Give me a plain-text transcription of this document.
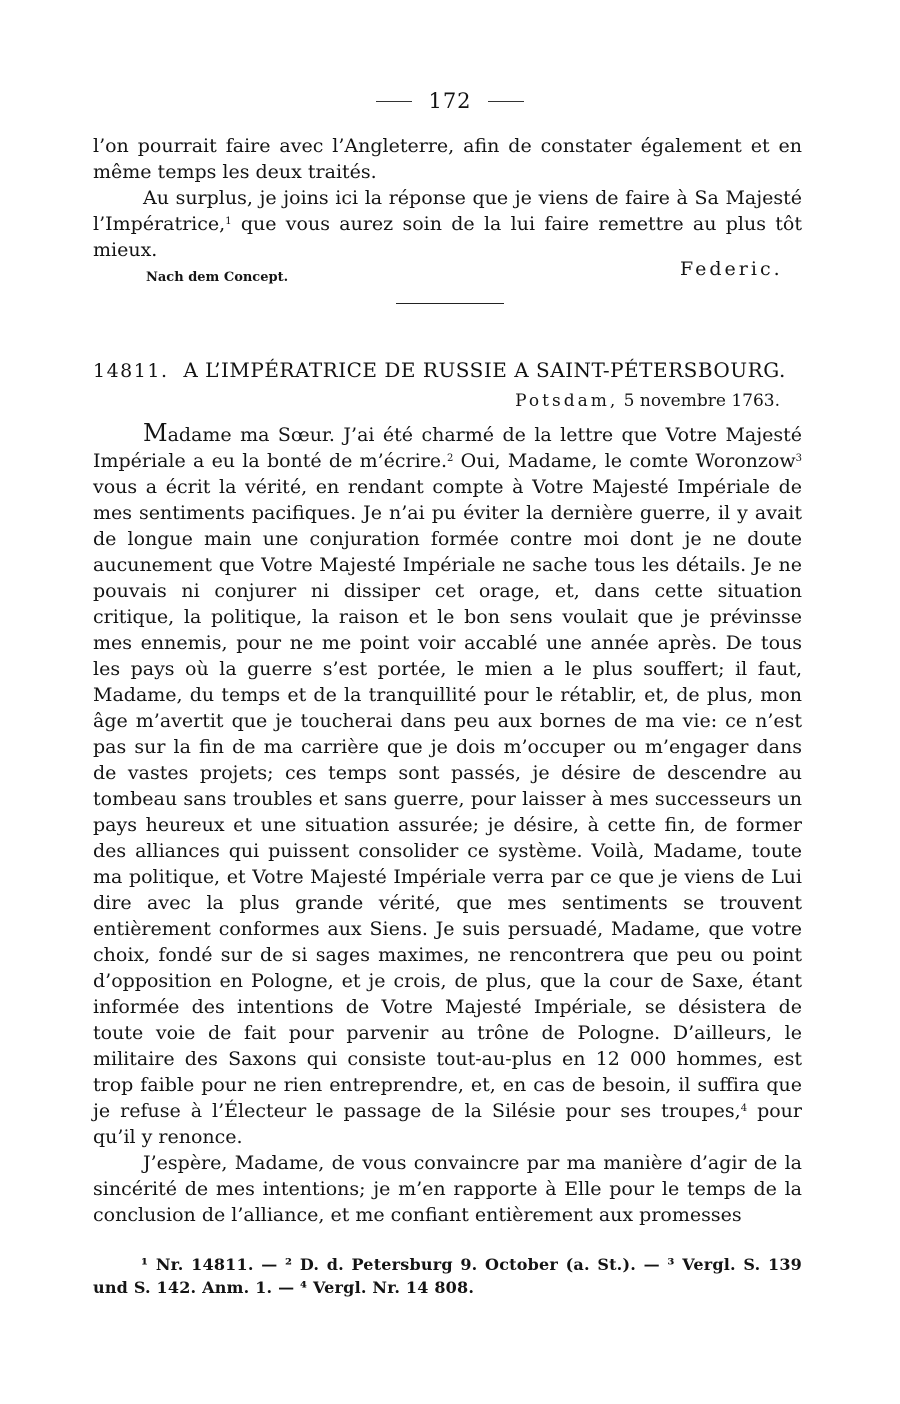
172

l’on pourrait faire avec l’Angleterre, afin de constater également et en même temps les deux traités.

Au surplus, je joins ici la réponse que je viens de faire à Sa Majesté l’Impératrice,$^1$ que vous aurez soin de la lui faire remettre au plus tôt mieux.

Nach dem Concept.	Federic.
14811. A L’IMPÉRATRICE DE RUSSIE A SAINT-PÉTERSBOURG.
Potsdam, 5 novembre 1763.

Madame ma Sœur. J’ai été charmé de la lettre que Votre Majesté Impériale a eu la bonté de m’écrire.$^2$ Oui, Madame, le comte Woronzow$^3$ vous a écrit la vérité, en rendant compte à Votre Majesté Impériale de mes sentiments pacifiques. Je n’ai pu éviter la dernière guerre, il y avait de longue main une conjuration formée contre moi dont je ne doute aucunement que Votre Majesté Impériale ne sache tous les détails. Je ne pouvais ni conjurer ni dissiper cet orage, et, dans cette situation critique, la politique, la raison et le bon sens voulait que je prévinsse mes ennemis, pour ne me point voir accablé une année après. De tous les pays où la guerre s’est portée, le mien a le plus souffert; il faut, Madame, du temps et de la tranquillité pour le rétablir, et, de plus, mon âge m’avertit que je toucherai dans peu aux bornes de ma vie: ce n’est pas sur la fin de ma carrière que je dois m’occuper ou m’engager dans de vastes projets; ces temps sont passés, je désire de descendre au tombeau sans troubles et sans guerre, pour laisser à mes successeurs un pays heureux et une situation assurée; je désire, à cette fin, de former des alliances qui puissent consolider ce système. Voilà, Madame, toute ma politique, et Votre Majesté Impériale verra par ce que je viens de Lui dire avec la plus grande vérité, que mes sentiments se trouvent entièrement conformes aux Siens. Je suis persuadé, Madame, que votre choix, fondé sur de si sages maximes, ne rencontrera que peu ou point d’opposition en Pologne, et je crois, de plus, que la cour de Saxe, étant informée des intentions de Votre Majesté Impériale, se désistera de toute voie de fait pour parvenir au trône de Pologne. D’ailleurs, le militaire des Saxons qui consiste tout-au-plus en 12 000 hommes, est trop faible pour ne rien entreprendre, et, en cas de besoin, il suffira que je refuse à l’Électeur le passage de la Silésie pour ses troupes,$^4$ pour qu’il y renonce.

J’espère, Madame, de vous convaincre par ma manière d’agir de la sincérité de mes intentions; je m’en rapporte à Elle pour le temps de la conclusion de l’alliance, et me confiant entièrement aux promesses

¹ Nr. 14811. — ² D. d. Petersburg 9. October (a. St.). — ³ Vergl. S. 139
und S. 142. Anm. 1. — ⁴ Vergl. Nr. 14 808.
